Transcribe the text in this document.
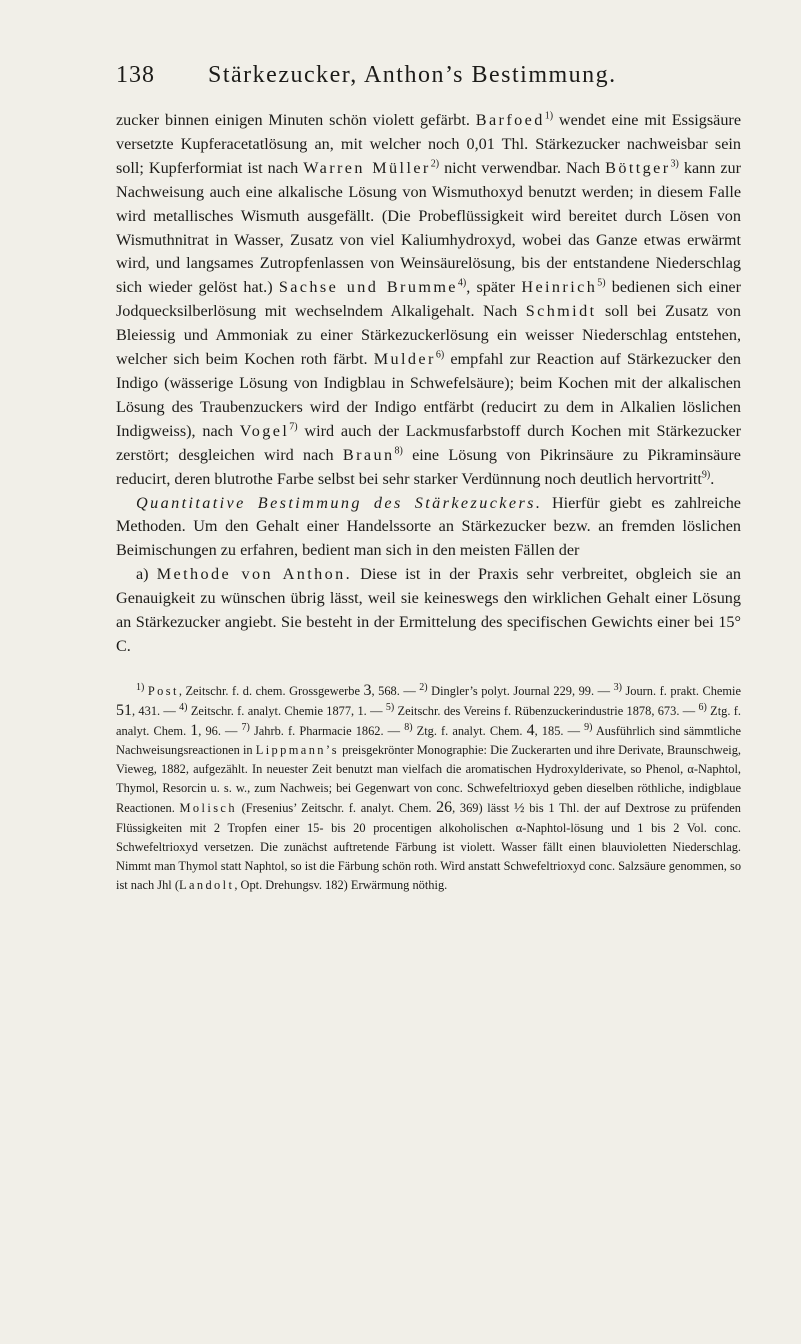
138	Stärkezucker, Anthon’s Bestimmung.

zucker binnen einigen Minuten schön violett gefärbt. Barfoed$^{1)}$ wendet eine mit Essigsäure versetzte Kupferacetatlösung an, mit welcher noch 0,01 Thl. Stärkezucker nachweisbar sein soll; Kupferformiat ist nach Warren Müller$^{2)}$ nicht verwendbar. Nach Böttger$^{3)}$ kann zur Nachweisung auch eine alkalische Lösung von Wismuthoxyd benutzt werden; in diesem Falle wird metallisches Wismuth ausgefällt. (Die Probeflüssigkeit wird bereitet durch Lösen von Wismuthnitrat in Wasser, Zusatz von viel Kaliumhydroxyd, wobei das Ganze etwas erwärmt wird, und langsames Zutropfenlassen von Weinsäurelösung, bis der entstandene Niederschlag sich wieder gelöst hat.) Sachse und Brumme$^{4)}$, später Heinrich$^{5)}$ bedienen sich einer Jodquecksilberlösung mit wechselndem Alkaligehalt. Nach Schmidt soll bei Zusatz von Bleiessig und Ammoniak zu einer Stärkezuckerlösung ein weisser Niederschlag entstehen, welcher sich beim Kochen roth färbt. Mulder$^{6)}$ empfahl zur Reaction auf Stärkezucker den Indigo (wässerige Lösung von Indigblau in Schwefelsäure); beim Kochen mit der alkalischen Lösung des Traubenzuckers wird der Indigo entfärbt (reducirt zu dem in Alkalien löslichen Indigweiss), nach Vogel$^{7)}$ wird auch der Lackmusfarbstoff durch Kochen mit Stärkezucker zerstört; desgleichen wird nach Braun$^{8)}$ eine Lösung von Pikrinsäure zu Pikraminsäure reducirt, deren blutrothe Farbe selbst bei sehr starker Verdünnung noch deutlich hervortritt$^{9)}$.

Quantitative Bestimmung des Stärkezuckers. Hierfür giebt es zahlreiche Methoden. Um den Gehalt einer Handelssorte an Stärkezucker bezw. an fremden löslichen Beimischungen zu erfahren, bedient man sich in den meisten Fällen der

a) Methode von Anthon. Diese ist in der Praxis sehr verbreitet, obgleich sie an Genauigkeit zu wünschen übrig lässt, weil sie keineswegs den wirklichen Gehalt einer Lösung an Stärkezucker angiebt. Sie besteht in der Ermittelung des specifischen Gewichts einer bei 15° C.

$^{1)}$ Post, Zeitschr. f. d. chem. Grossgewerbe 3, 568. — $^{2)}$ Dingler’s polyt. Journal 229, 99. — $^{3)}$ Journ. f. prakt. Chemie 51, 431. — $^{4)}$ Zeitschr. f. analyt. Chemie 1877, 1. — $^{5)}$ Zeitschr. des Vereins f. Rübenzuckerindustrie 1878, 673. — $^{6)}$ Ztg. f. analyt. Chem. 1, 96. — $^{7)}$ Jahrb. f. Pharmacie 1862. — $^{8)}$ Ztg. f. analyt. Chem. 4, 185. — $^{9)}$ Ausführlich sind sämmtliche Nachweisungsreactionen in Lippmann’s preisgekrönter Monographie: Die Zuckerarten und ihre Derivate, Braunschweig, Vieweg, 1882, aufgezählt. In neuester Zeit benutzt man vielfach die aromatischen Hydroxylderivate, so Phenol, α-Naphtol, Thymol, Resorcin u. s. w., zum Nachweis; bei Gegenwart von conc. Schwefeltrioxyd geben dieselben röthliche, indigblaue Reactionen. Molisch (Fresenius’ Zeitschr. f. analyt. Chem. 26, 369) lässt ½ bis 1 Thl. der auf Dextrose zu prüfenden Flüssigkeiten mit 2 Tropfen einer 15- bis 20 procentigen alkoholischen α-Naphtol-lösung und 1 bis 2 Vol. conc. Schwefeltrioxyd versetzen. Die zunächst auftretende Färbung ist violett. Wasser fällt einen blauvioletten Niederschlag. Nimmt man Thymol statt Naphtol, so ist die Färbung schön roth. Wird anstatt Schwefeltrioxyd conc. Salzsäure genommen, so ist nach Jhl (Landolt, Opt. Drehungsv. 182) Erwärmung nöthig.
